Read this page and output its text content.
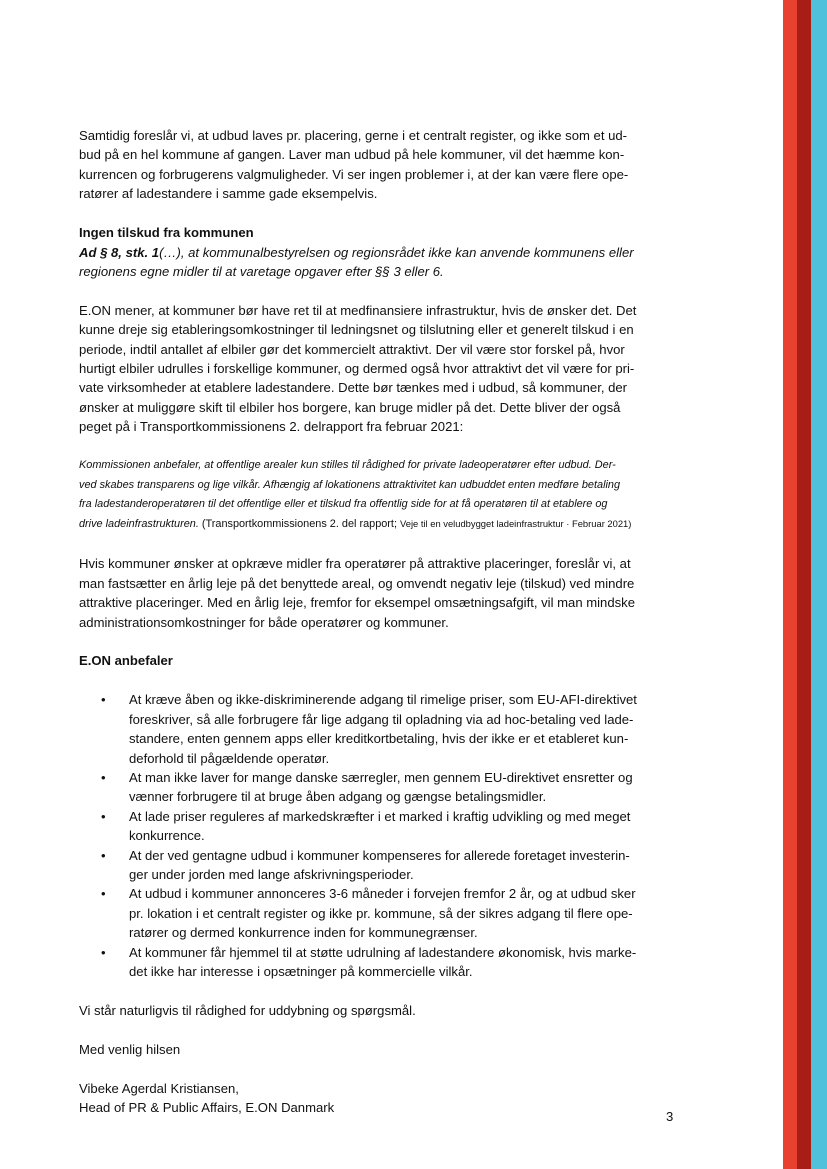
Samtidig foreslår vi, at udbud laves pr. placering, gerne i et centralt register, og ikke som et ud-
bud på en hel kommune af gangen. Laver man udbud på hele kommuner, vil det hæmme kon-
kurrencen og forbrugerens valgmuligheder. Vi ser ingen problemer i, at der kan være flere ope-
ratører af ladestandere i samme gade eksempelvis.

Ingen tilskud fra kommunen

Ad § 8, stk. 1(…), at kommunalbestyrelsen og regionsrådet ikke kan anvende kommunens eller
regionens egne midler til at varetage opgaver efter §§ 3 eller 6.

E.ON mener, at kommuner bør have ret til at medfinansiere infrastruktur, hvis de ønsker det. Det
kunne dreje sig etableringsomkostninger til ledningsnet og tilslutning eller et generelt tilskud i en
periode, indtil antallet af elbiler gør det kommercielt attraktivt. Der vil være stor forskel på, hvor
hurtigt elbiler udrulles i forskellige kommuner, og dermed også hvor attraktivt det vil være for pri-
vate virksomheder at etablere ladestandere. Dette bør tænkes med i udbud, så kommuner, der
ønsker at muliggøre skift til elbiler hos borgere, kan bruge midler på det. Dette bliver der også
peget på i Transportkommissionens 2. delrapport fra februar 2021:

Kommissionen anbefaler, at offentlige arealer kun stilles til rådighed for private ladeoperatører efter udbud. Der-
ved skabes transparens og lige vilkår. Afhængig af lokationens attraktivitet kan udbuddet enten medføre betaling
fra ladestanderoperatøren til det offentlige eller et tilskud fra offentlig side for at få operatøren til at etablere og
drive ladeinfrastrukturen. (Transportkommissionens 2. del rapport; Veje til en veludbygget ladeinfrastruktur · Februar 2021)

Hvis kommuner ønsker at opkræve midler fra operatører på attraktive placeringer, foreslår vi, at
man fastsætter en årlig leje på det benyttede areal, og omvendt negativ leje (tilskud) ved mindre
attraktive placeringer. Med en årlig leje, fremfor for eksempel omsætningsafgift, vil man mindske
administrationsomkostninger for både operatører og kommuner.

E.ON anbefaler

• At kræve åben og ikke-diskriminerende adgang til rimelige priser, som EU-AFI-direktivet
foreskriver, så alle forbrugere får lige adgang til opladning via ad hoc-betaling ved lade-
standere, enten gennem apps eller kreditkortbetaling, hvis der ikke er et etableret kun-
deforhold til pågældende operatør.
• At man ikke laver for mange danske særregler, men gennem EU-direktivet ensretter og
vænner forbrugere til at bruge åben adgang og gængse betalingsmidler.
• At lade priser reguleres af markedskræfter i et marked i kraftig udvikling og med meget
konkurrence.
• At der ved gentagne udbud i kommuner kompenseres for allerede foretaget investerin-
ger under jorden med lange afskrivningsperioder.
• At udbud i kommuner annonceres 3-6 måneder i forvejen fremfor 2 år, og at udbud sker
pr. lokation i et centralt register og ikke pr. kommune, så der sikres adgang til flere ope-
ratører og dermed konkurrence inden for kommunegrænser.
• At kommuner får hjemmel til at støtte udrulning af ladestandere økonomisk, hvis marke-
det ikke har interesse i opsætninger på kommercielle vilkår.

Vi står naturligvis til rådighed for uddybning og spørgsmål.

Med venlig hilsen

Vibeke Agerdal Kristiansen,
Head of PR & Public Affairs, E.ON Danmark

3
